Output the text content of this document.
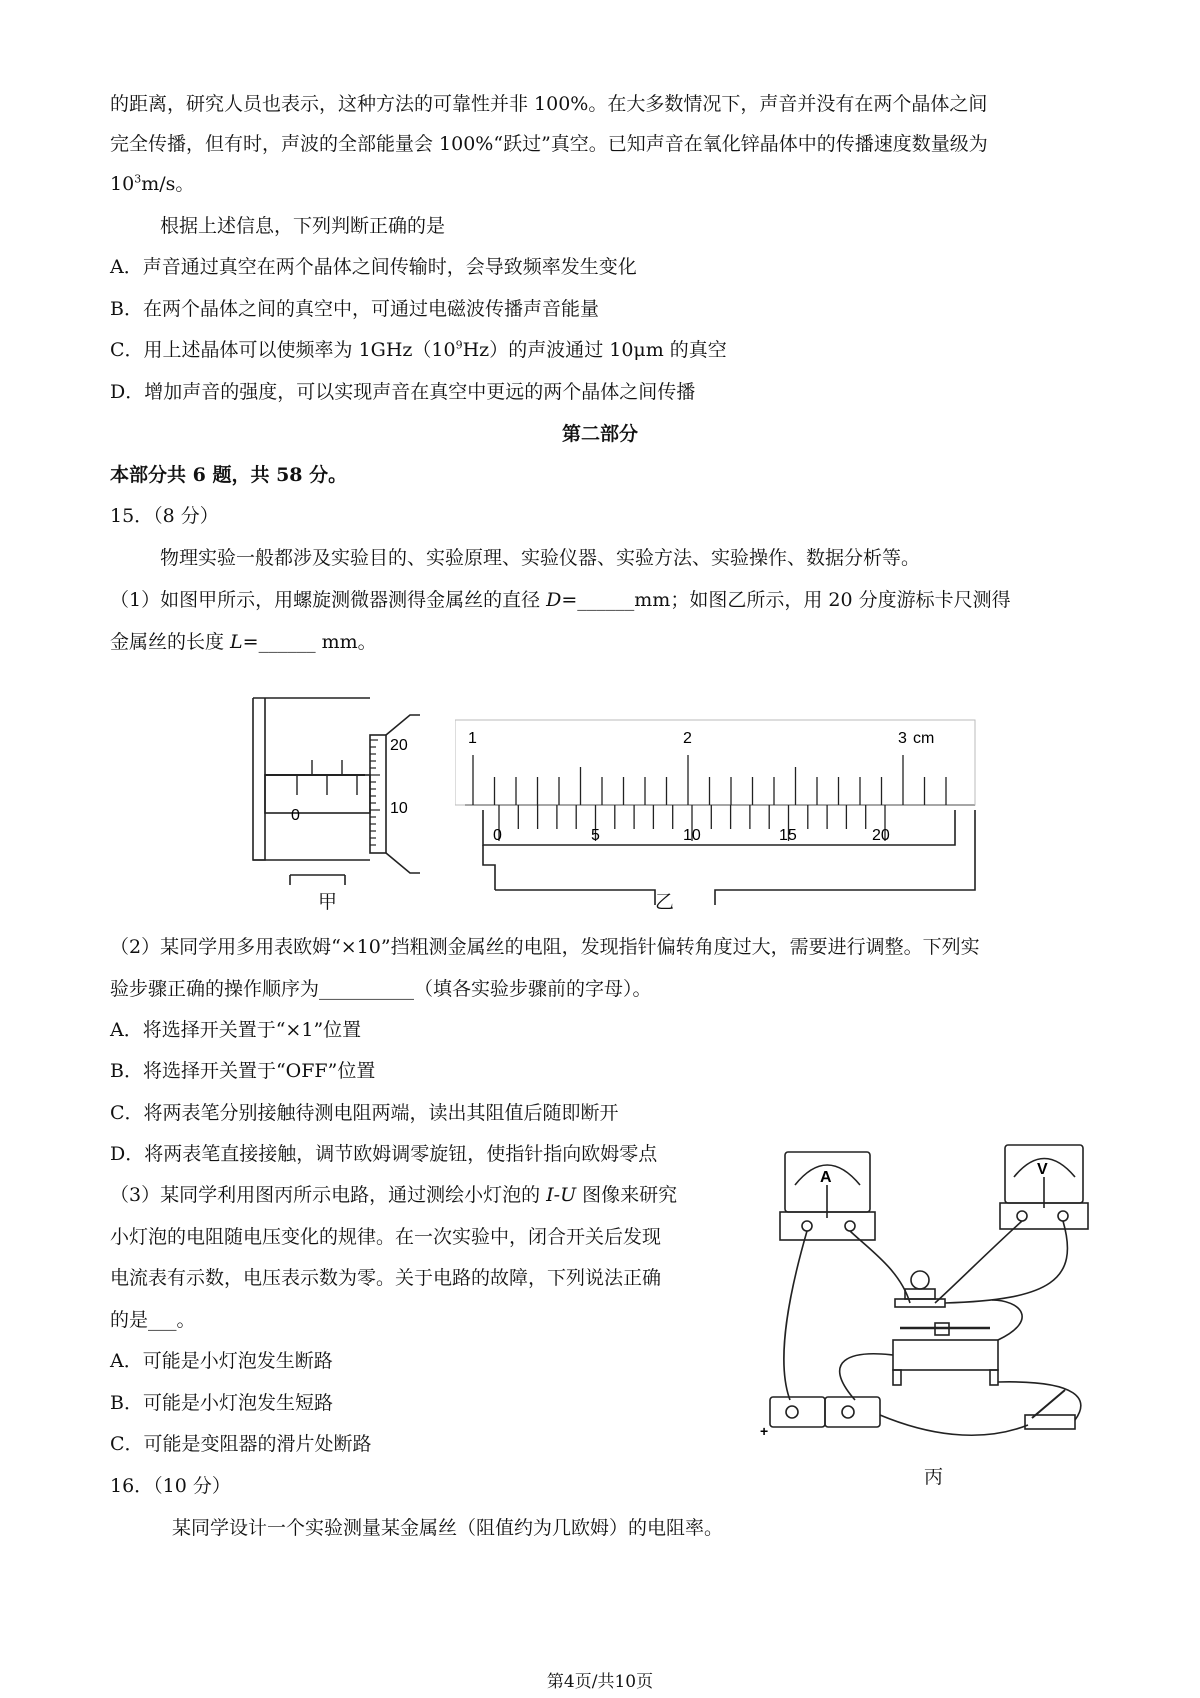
的距离，研究人员也表示，这种方法的可靠性并非 100%。在大多数情况下，声音并没有在两个晶体之间
完全传播，但有时，声波的全部能量会 100%“跃过”真空。已知声音在氧化锌晶体中的传播速度数量级为
$10^3m/s$。
根据上述信息，下列判断正确的是
A．声音通过真空在两个晶体之间传输时，会导致频率发生变化
B．在两个晶体之间的真空中，可通过电磁波传播声音能量
C．用上述晶体可以使频率为 $1GHz(10^9Hz)$的声波通过 10μm 的真空
D．增加声音的强度，可以实现声音在真空中更远的两个晶体之间传播
第二部分
本部分共 6 题，共 58 分。
15．（8 分）
物理实验一般都涉及实验目的、实验原理、实验仪器、实验方法、实验操作、数据分析等。
（1）如图甲所示，用螺旋测微器测得金属丝的直径 D=______mm；如图乙所示，用 20 分度游标卡尺测得
金属丝的长度 L=______ mm。
20
10
0
甲
1	2	3 cm
0	5	10	15	20
乙
（2）某同学用多用表欧姆“×10”挡粗测金属丝的电阻，发现指针偏转角度过大，需要进行调整。下列实
验步骤正确的操作顺序为__________（填各实验步骤前的字母）。
A．将选择开关置于“×1”位置
B．将选择开关置于“OFF”位置
C．将两表笔分别接触待测电阻两端，读出其阻值后随即断开
D．将两表笔直接接触，调节欧姆调零旋钮，使指针指向欧姆零点
（3）某同学利用图丙所示电路，通过测绘小灯泡的 I-U 图像来研究
小灯泡的电阻随电压变化的规律。在一次实验中，闭合开关后发现
电流表有示数，电压表示数为零。关于电路的故障，下列说法正确
的是___。
A．可能是小灯泡发生断路
B．可能是小灯泡发生短路
C．可能是变阻器的滑片处断路
A	V
+
丙
16．（10 分）
某同学设计一个实验测量某金属丝（阻值约为几欧姆）的电阻率。
第4页/共10页
